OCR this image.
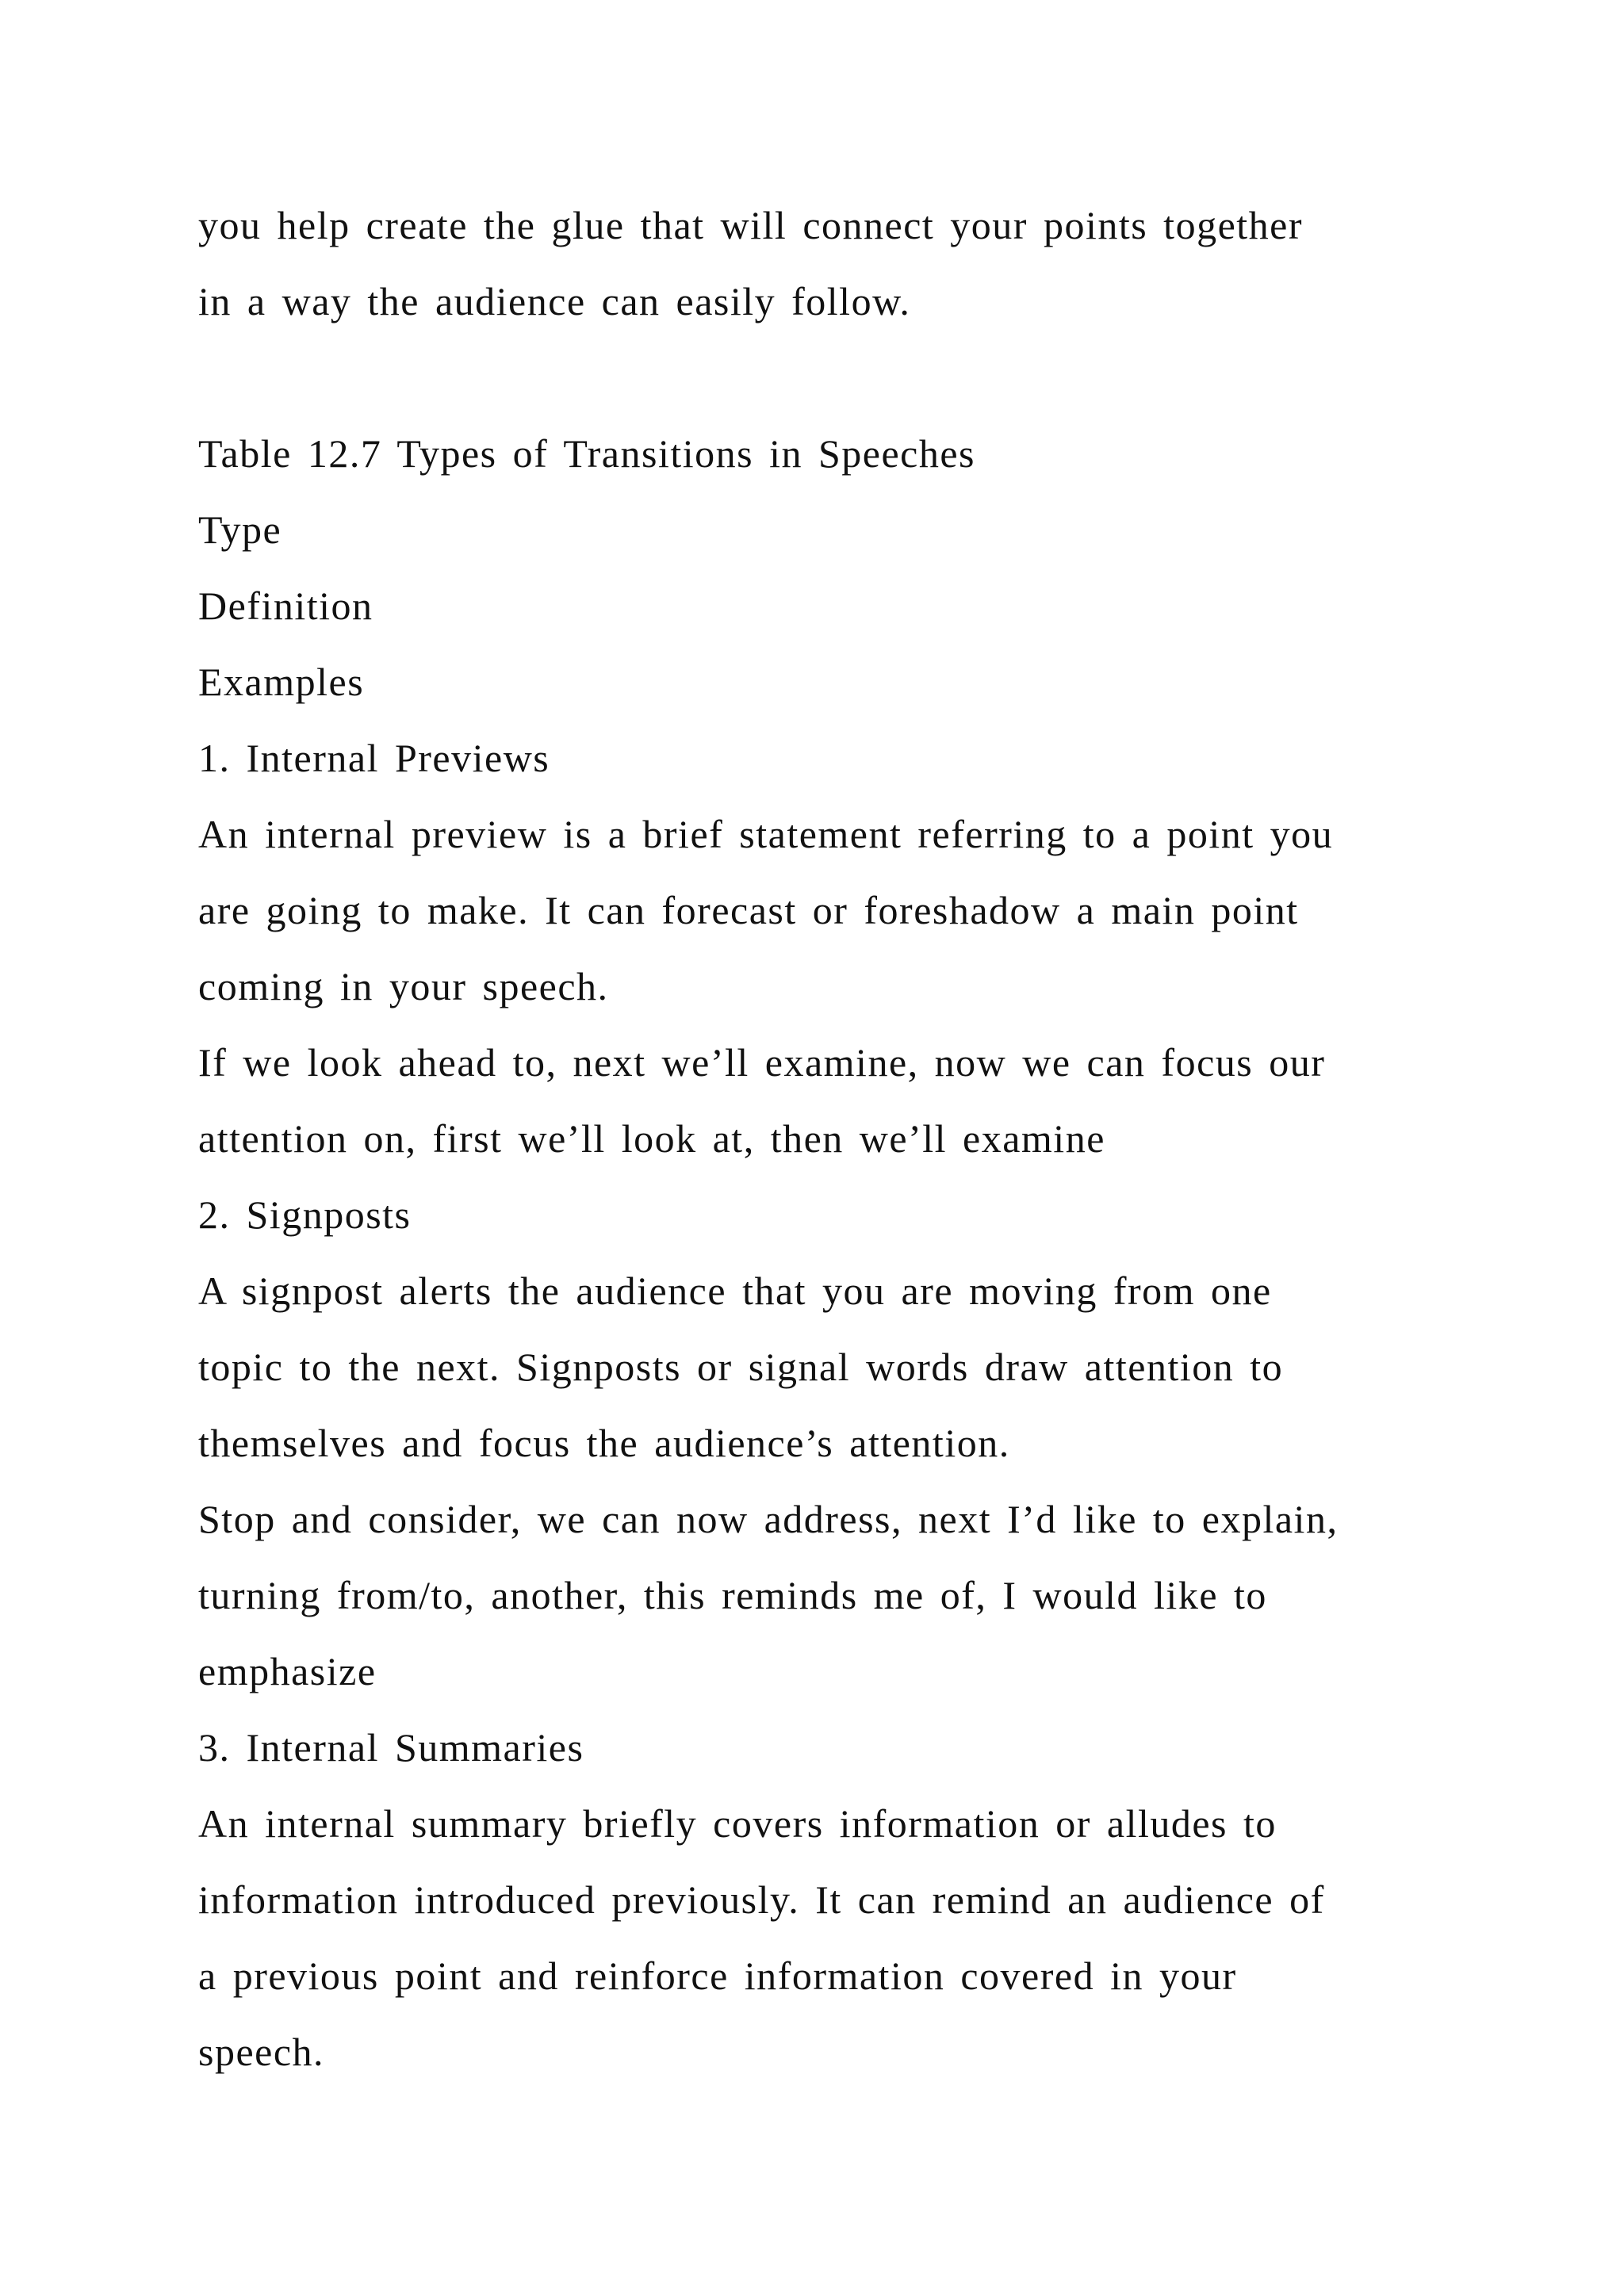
you help create the glue that will connect your points together
in a way the audience can easily follow.
Table 12.7 Types of Transitions in Speeches
Type
Definition
Examples
1. Internal Previews
An internal preview is a brief statement referring to a point you
are going to make. It can forecast or foreshadow a main point
coming in your speech.
If we look ahead to, next we’ll examine, now we can focus our
attention on, first we’ll look at, then we’ll examine
2. Signposts
A signpost alerts the audience that you are moving from one
topic to the next. Signposts or signal words draw attention to
themselves and focus the audience’s attention.
Stop and consider, we can now address, next I’d like to explain,
turning from/to, another, this reminds me of, I would like to
emphasize
3. Internal Summaries
An internal summary briefly covers information or alludes to
information introduced previously. It can remind an audience of
a previous point and reinforce information covered in your
speech.
